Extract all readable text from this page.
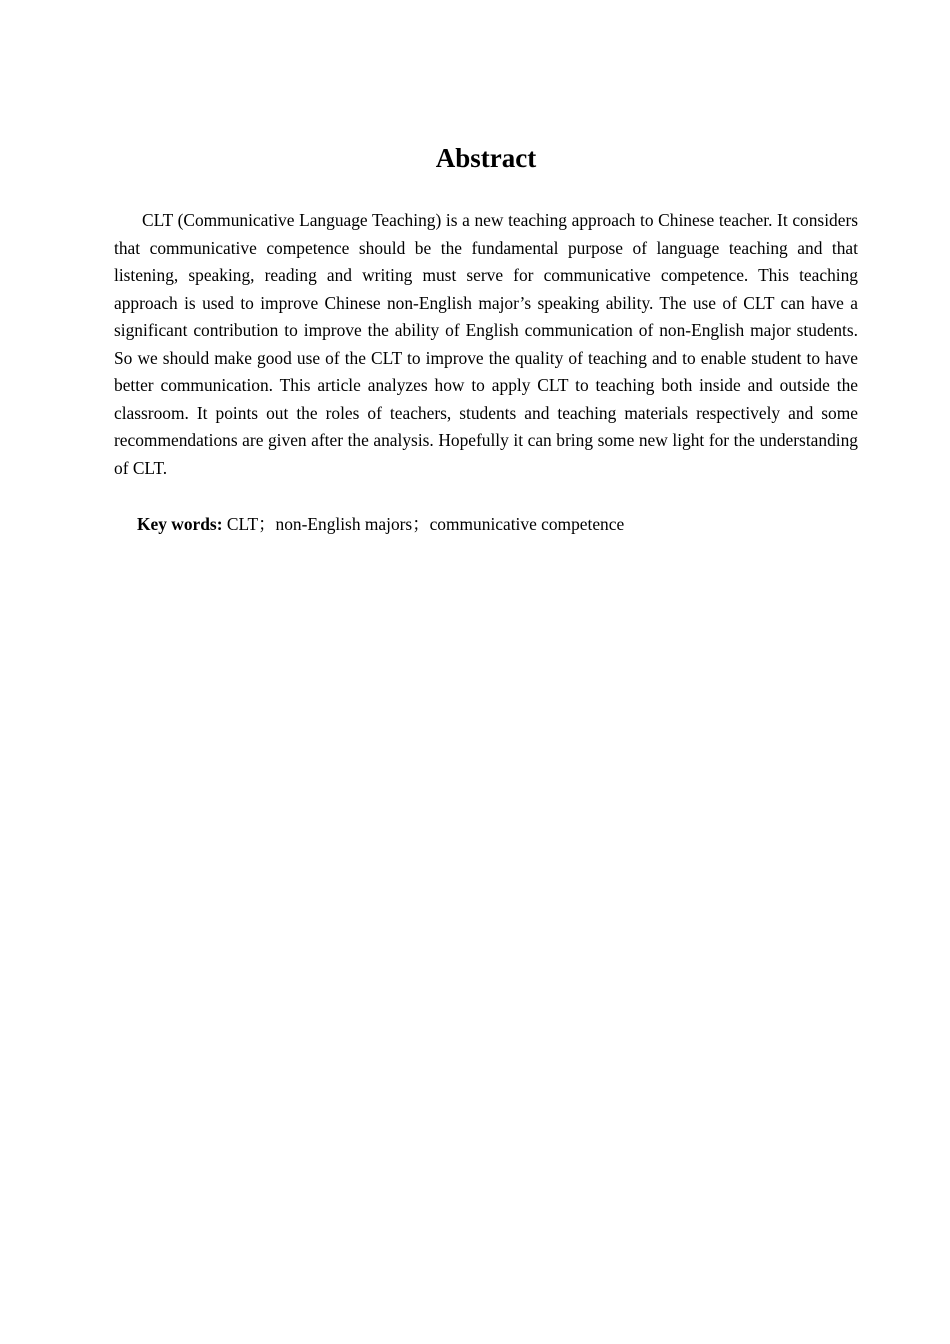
Abstract

CLT (Communicative Language Teaching) is a new teaching approach to Chinese teacher. It considers that communicative competence should be the fundamental purpose of language teaching and that listening, speaking, reading and writing must serve for communicative competence. This teaching approach is used to improve Chinese non-English major’s speaking ability. The use of CLT can have a significant contribution to improve the ability of English communication of non-English major students. So we should make good use of the CLT to improve the quality of teaching and to enable student to have better communication. This article analyzes how to apply CLT to teaching both inside and outside the classroom. It points out the roles of teachers, students and teaching materials respectively and some recommendations are given after the analysis. Hopefully it can bring some new light for the understanding of CLT.

Key words: CLT；non-English majors；communicative competence
